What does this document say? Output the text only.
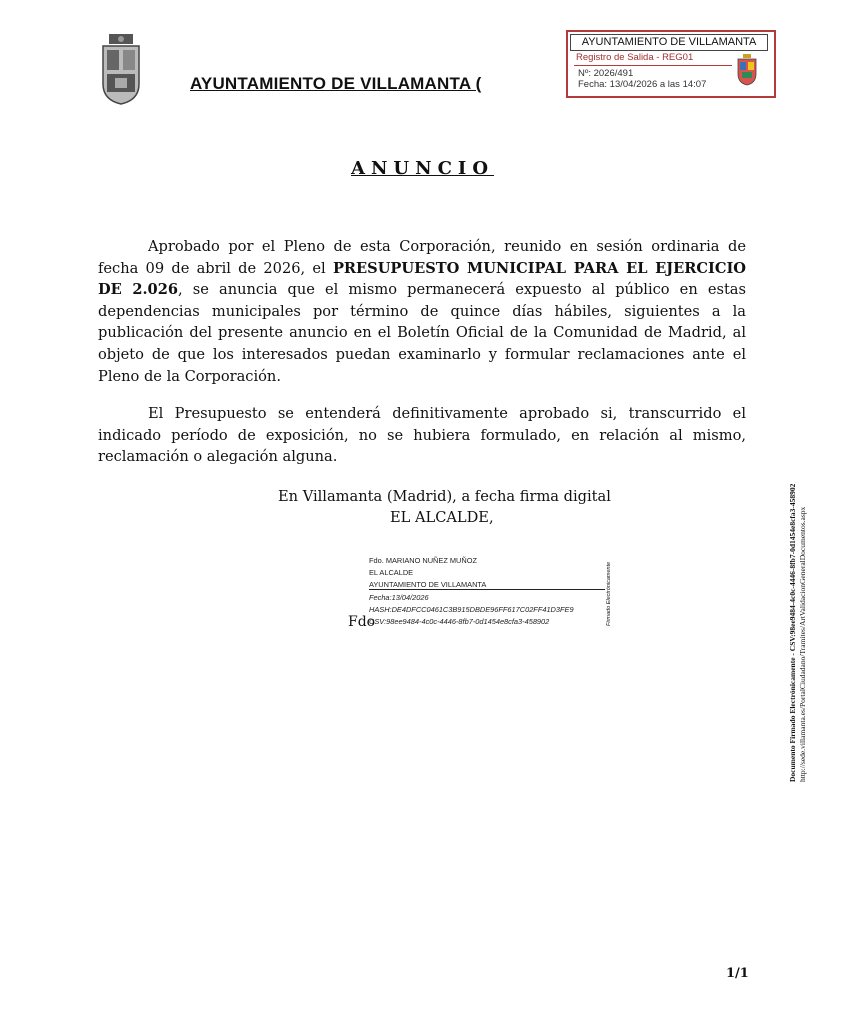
AYUNTAMIENTO DE VILLAMANTA (
AYUNTAMIENTO DE VILLAMANTA
Registro de Salida - REG01
Nº: 2026/491
Fecha: 13/04/2026 a las 14:07
ANUNCIO
Aprobado por el Pleno de esta Corporación, reunido en sesión ordinaria de fecha 09 de abril de 2026, el PRESUPUESTO MUNICIPAL PARA EL EJERCICIO DE 2.026, se anuncia que el mismo permanecerá expuesto al público en estas dependencias municipales por término de quince días hábiles, siguientes a la publicación del presente anuncio en el Boletín Oficial de la Comunidad de Madrid, al objeto de que los interesados puedan examinarlo y formular reclamaciones ante el Pleno de la Corporación.
El Presupuesto se entenderá definitivamente aprobado si, transcurrido el indicado período de exposición, no se hubiera formulado, en relación al mismo, reclamación o alegación alguna.
En Villamanta (Madrid), a fecha firma digital
EL ALCALDE,
Fdo
Fdo. MARIANO NUÑEZ MUÑOZ
EL ALCALDE
AYUNTAMIENTO DE VILLAMANTA
Fecha:13/04/2026
HASH:DE4DFCC0461C3B915DBDE96FF617C02FF41D3FE9
CSV:98ee9484-4c0c-4446-8fb7-0d1454e8cfa3-458902	Firmado Electrónicamente	Documento Firmado Electrónicamente - CSV:98ee9484-4c0c-4446-8fb7-0d1454e8cfa3-458902 http://sede.villamanta.es/PortalCiudadano/Tramites/ArtValidacionGeneralDocumentos.aspx
1/1
